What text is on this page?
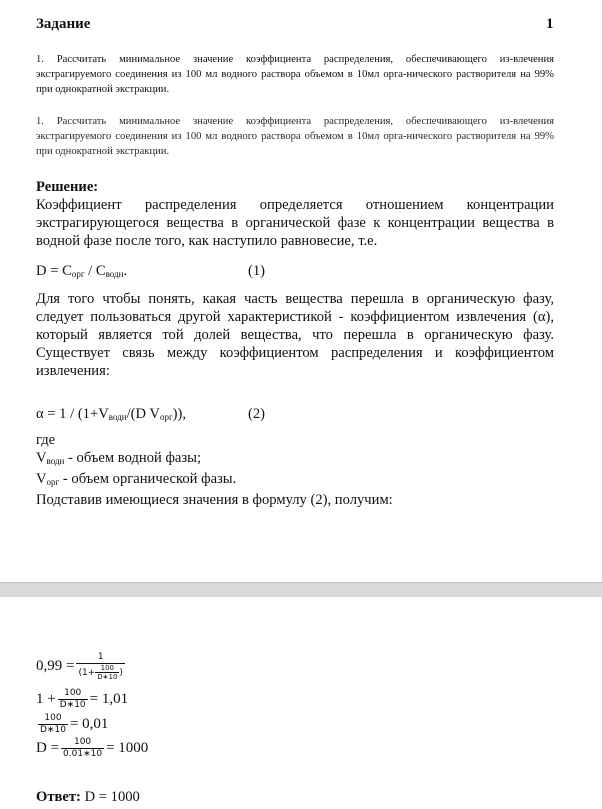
Задание	1
1. Рассчитать минимальное значение коэффициента распределения, обеспечивающего из-влечения экстрагируемого соединения из 100 мл водного раствора объемом в 10мл орга-нического растворителя на 99% при однократной экстракции.
1. Рассчитать минимальное значение коэффициента распределения, обеспечивающего из-влечения экстрагируемого соединения из 100 мл водного раствора объемом в 10мл орга-нического растворителя на 99% при однократной экстракции.
Решение:
Коэффициент распределения определяется отношением концентрации экстрагирующегося вещества в органической фазе к концентрации вещества в водной фазе после того, как наступило равновесие, т.е.
$D = C_{орг} / C_{водн}$.	(1)
Для того чтобы понять, какая часть вещества перешла в органическую фазу, следует пользоваться другой характеристикой - коэффициентом извлечения (α), который является той долей вещества, что перешла в органическую фазу. Существует связь между коэффициентом распределения и коэффициентом извлечения:
$\alpha = 1 / (1+V_{водн}/(D$ $V_{орг}$)),	(2)
где
$V_{водн}$ - объем водной фазы;
$V_{орг}$ - объем органической фазы.
Подставив имеющиеся значения в формулу (2), получим:
$0,99 = \frac{1}{(1+ \frac{100}{D∗10} )}$
$1 + \frac{100}{D∗10} = 1,01$
$\frac{100}{D∗10} = 0,01$
$D = \frac{100}{0.01∗10} = 1000$
Ответ: D = 1000
